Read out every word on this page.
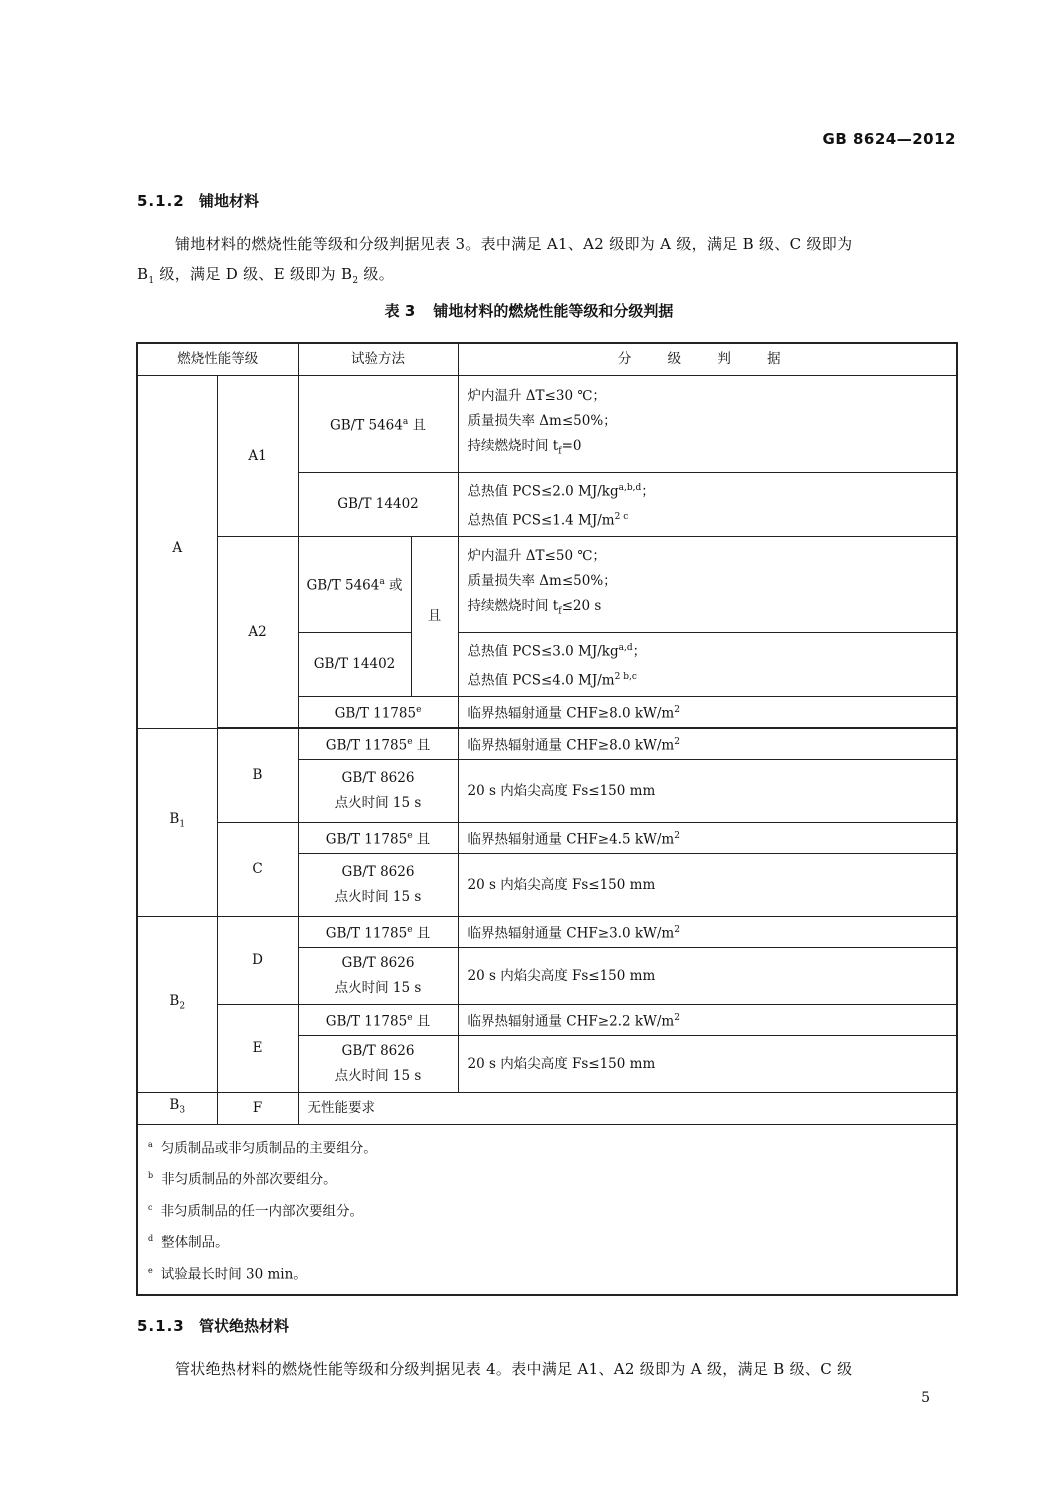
GB 8624—2012
5.1.2 铺地材料
铺地材料的燃烧性能等级和分级判据见表 3。表中满足 A1、A2 级即为 A 级，满足 B 级、C 级即为
$B_1$ 级，满足 D 级、E 级即为 $B_2$ 级。
表 3 铺地材料的燃烧性能等级和分级判据
燃烧性能等级		试验方法		分 级 判 据
A	A1	GB/T 5464$^a$ 且		炉内温升 ΔT≤30 ℃；
质量损失率 Δm≤50%；
持续燃烧时间 $t_f=0$

		GB/T 14402		总热值 PCS≤2.0 MJ/kg$^{a,b,d}$；
总热值 PCS≤1.4 $MJ/m^{2 c}$

	A2	GB/T 5464$^a$ 或	且	炉内温升 ΔT≤50 ℃；
质量损失率 Δm≤50%；
持续燃烧时间 $t_f\le 20$ s

		GB/T 14402		总热值 PCS≤3.0 MJ/kg$^{a,d}$；
总热值 PCS≤4.0 $MJ/m^{2 b,c}$

		GB/T 11785e		临界热辐射通量 CHF≥8.0 $kW/m^2$

$B_1$	B	GB/T 11785e 且		临界热辐射通量 CHF≥8.0 $kW/m^2$

		GB/T 8626
点火时间 15 s		20 s 内焰尖高度 Fs≤150 mm
	C	GB/T 11785e 且		临界热辐射通量 CHF≥4.5 $kW/m^2$

		GB/T 8626
点火时间 15 s		20 s 内焰尖高度 Fs≤150 mm
$B_2$	D	GB/T 11785e 且		临界热辐射通量 CHF≥3.0 $kW/m^2$

		GB/T 8626
点火时间 15 s		20 s 内焰尖高度 Fs≤150 mm
	E	GB/T 11785e 且		临界热辐射通量 CHF≥2.2 $kW/m^2$

		GB/T 8626
点火时间 15 s		20 s 内焰尖高度 Fs≤150 mm
$B_3$	F	无性能要求		

$^a$ 匀质制品或非匀质制品的主要组分。
$^b$ 非匀质制品的外部次要组分。
$^c$ 非匀质制品的任一内部次要组分。
$^d$ 整体制品。
$^e$ 试验最长时间 30 min。				
5.1.3 管状绝热材料
管状绝热材料的燃烧性能等级和分级判据见表 4。表中满足 A1、A2 级即为 A 级，满足 B 级、C 级
5
